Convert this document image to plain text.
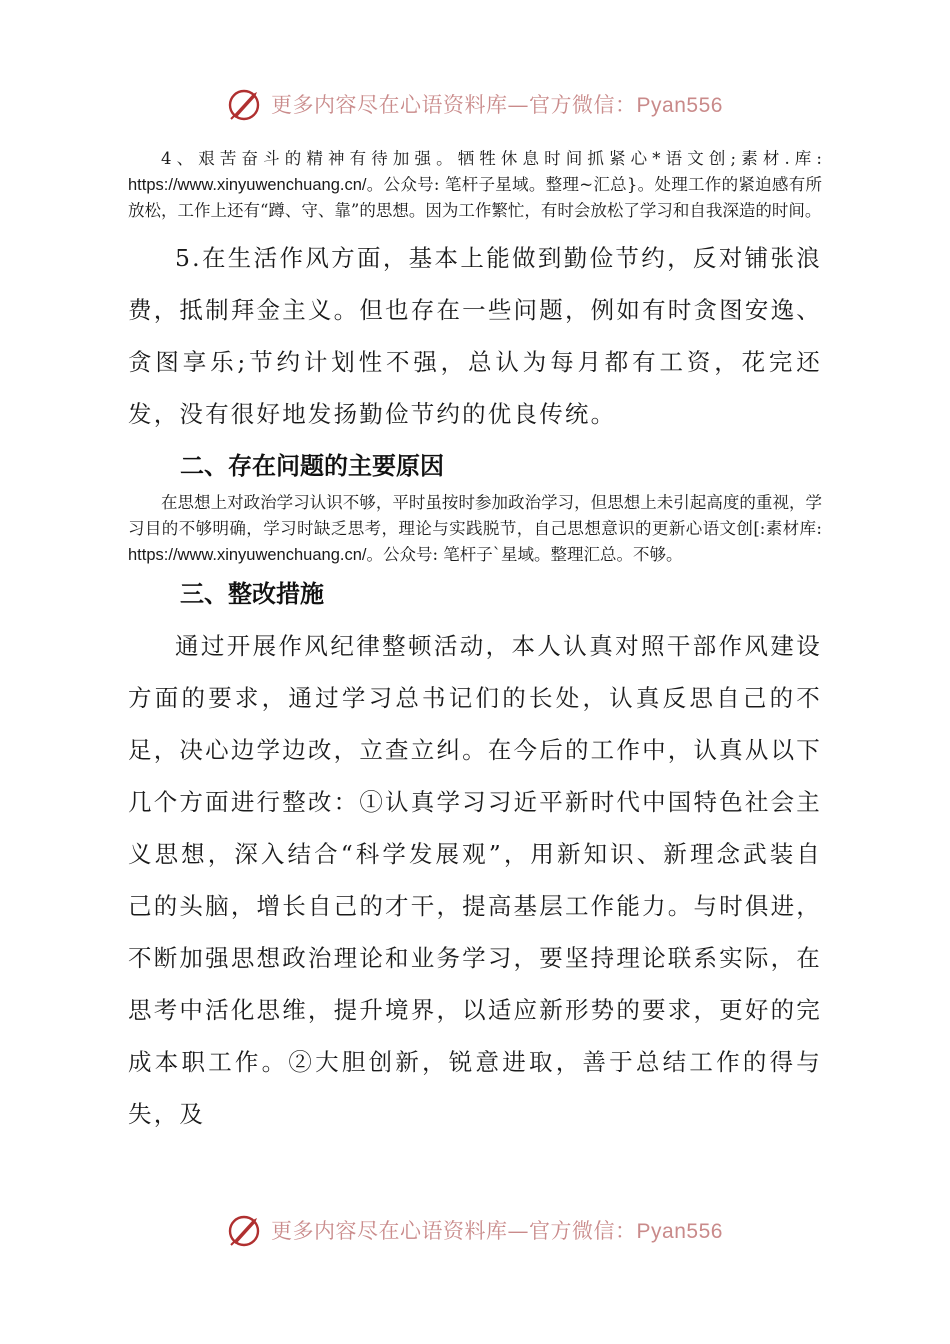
更多内容尽在心语资料库—官方微信：Pyan556

4、艰苦奋斗的精神有待加强。牺牲休息时间抓紧心*语文创;素材.库: https://www.xinyuwenchuang.cn/。公众号: 笔杆子星域。整理~汇总}。处理工作的紧迫感有所放松，工作上还有“蹲、守、靠”的思想。因为工作繁忙，有时会放松了学习和自我深造的时间。

5.在生活作风方面，基本上能做到勤俭节约，反对铺张浪费，抵制拜金主义。但也存在一些问题，例如有时贪图安逸、贪图享乐;节约计划性不强，总认为每月都有工资，花完还发，没有很好地发扬勤俭节约的优良传统。

二、存在问题的主要原因

在思想上对政治学习认识不够，平时虽按时参加政治学习，但思想上未引起高度的重视，学习目的不够明确，学习时缺乏思考，理论与实践脱节，自己思想意识的更新心语文创[:素材库: https://www.xinyuwenchuang.cn/。公众号: 笔杆子`星域。整理汇总。不够。

三、整改措施

通过开展作风纪律整顿活动，本人认真对照干部作风建设方面的要求，通过学习总书记们的长处，认真反思自己的不足，决心边学边改，立查立纠。在今后的工作中，认真从以下几个方面进行整改：①认真学习习近平新时代中国特色社会主义思想，深入结合“科学发展观”，用新知识、新理念武装自己的头脑，增长自己的才干，提高基层工作能力。与时俱进，不断加强思想政治理论和业务学习，要坚持理论联系实际，在思考中活化思维，提升境界，以适应新形势的要求，更好的完成本职工作。②大胆创新，锐意进取，善于总结工作的得与失，及

更多内容尽在心语资料库—官方微信：Pyan556
